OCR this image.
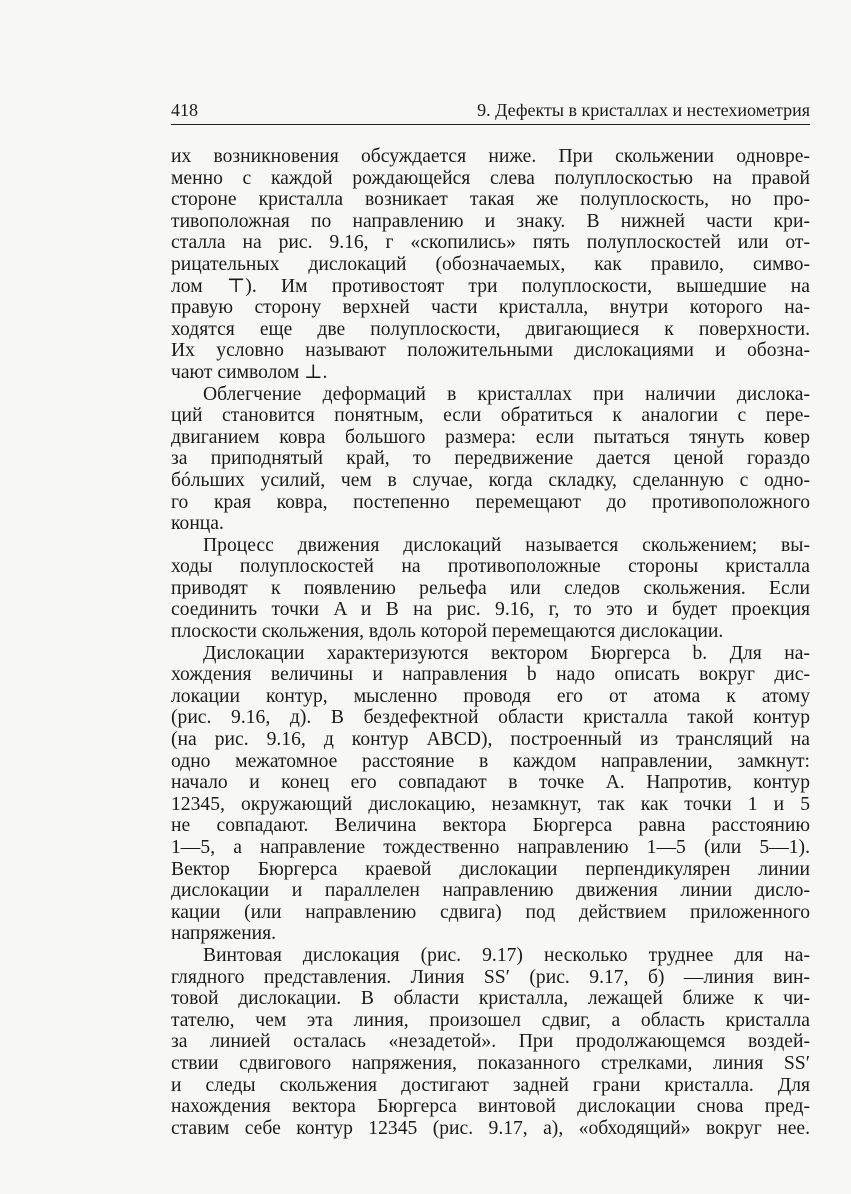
418	9. Дефекты в кристаллах и нестехиометрия
их возникновения обсуждается ниже. При скольжении одновре-
менно с каждой рождающейся слева полуплоскостью на правой
стороне кристалла возникает такая же полуплоскость, но про-
тивоположная по направлению и знаку. В нижней части кри-
сталла на рис. 9.16, г «скопились» пять полуплоскостей или от-
рицательных дислокаций (обозначаемых, как правило, симво-
лом ⊤). Им противостоят три полуплоскости, вышедшие на
правую сторону верхней части кристалла, внутри которого на-
ходятся еще две полуплоскости, двигающиеся к поверхности.
Их условно называют положительными дислокациями и обозна-
чают символом ⊥.
Облегчение деформаций в кристаллах при наличии дислока-
ций становится понятным, если обратиться к аналогии с пере-
двиганием ковра большого размера: если пытаться тянуть ковер
за приподнятый край, то передвижение дается ценой гораздо
бóльших усилий, чем в случае, когда складку, сделанную с одно-
го края ковра, постепенно перемещают до противоположного
конца.
Процесс движения дислокаций называется скольжением; вы-
ходы полуплоскостей на противоположные стороны кристалла
приводят к появлению рельефа или следов скольжения. Если
соединить точки A и B на рис. 9.16, г, то это и будет проекция
плоскости скольжения, вдоль которой перемещаются дислокации.
Дислокации характеризуются вектором Бюргерса b. Для на-
хождения величины и направления b надо описать вокруг дис-
локации контур, мысленно проводя его от атома к атому
(рис. 9.16, д). В бездефектной области кристалла такой контур
(на рис. 9.16, д контур ABCD), построенный из трансляций на
одно межатомное расстояние в каждом направлении, замкнут:
начало и конец его совпадают в точке A. Напротив, контур
12345, окружающий дислокацию, незамкнут, так как точки 1 и 5
не совпадают. Величина вектора Бюргерса равна расстоянию
1—5, а направление тождественно направлению 1—5 (или 5—1).
Вектор Бюргерса краевой дислокации перпендикулярен линии
дислокации и параллелен направлению движения линии дисло-
кации (или направлению сдвига) под действием приложенного
напряжения.
Винтовая дислокация (рис. 9.17) несколько труднее для на-
глядного представления. Линия SS′ (рис. 9.17, б) —линия вин-
товой дислокации. В области кристалла, лежащей ближе к чи-
тателю, чем эта линия, произошел сдвиг, а область кристалла
за линией осталась «незадетой». При продолжающемся воздей-
ствии сдвигового напряжения, показанного стрелками, линия SS′
и следы скольжения достигают задней грани кристалла. Для
нахождения вектора Бюргерса винтовой дислокации снова пред-
ставим себе контур 12345 (рис. 9.17, а), «обходящий» вокруг нее.
